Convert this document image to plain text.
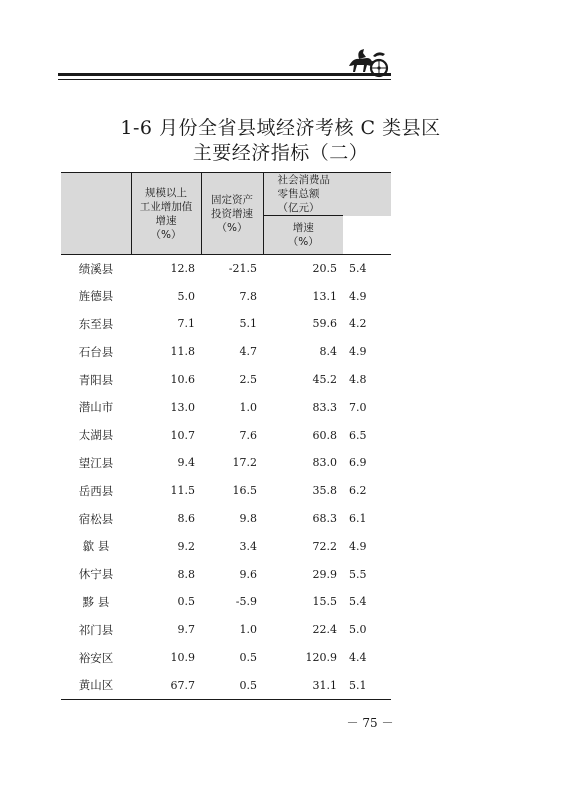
1-6 月份全省县域经济考核 C 类县区
主要经济指标（二）
	规模以上
工业增加值
增速
（%）	固定资产
投资增速
（%）	社会消费品
零售总额
（亿元）	
			增速
（%）	
绩溪县	12.8	-21.5	20.5	5.4
旌德县	5.0	7.8	13.1	4.9
东至县	7.1	5.1	59.6	4.2
石台县	11.8	4.7	8.4	4.9
青阳县	10.6	2.5	45.2	4.8
潜山市	13.0	1.0	83.3	7.0
太湖县	10.7	7.6	60.8	6.5
望江县	9.4	17.2	83.0	6.9
岳西县	11.5	16.5	35.8	6.2
宿松县	8.6	9.8	68.3	6.1
歙 县	9.2	3.4	72.2	4.9
休宁县	8.8	9.6	29.9	5.5
黟 县	0.5	-5.9	15.5	5.4
祁门县	9.7	1.0	22.4	5.0
裕安区	10.9	0.5	120.9	4.4
黄山区	67.7	0.5	31.1	5.1
－ 75 －
